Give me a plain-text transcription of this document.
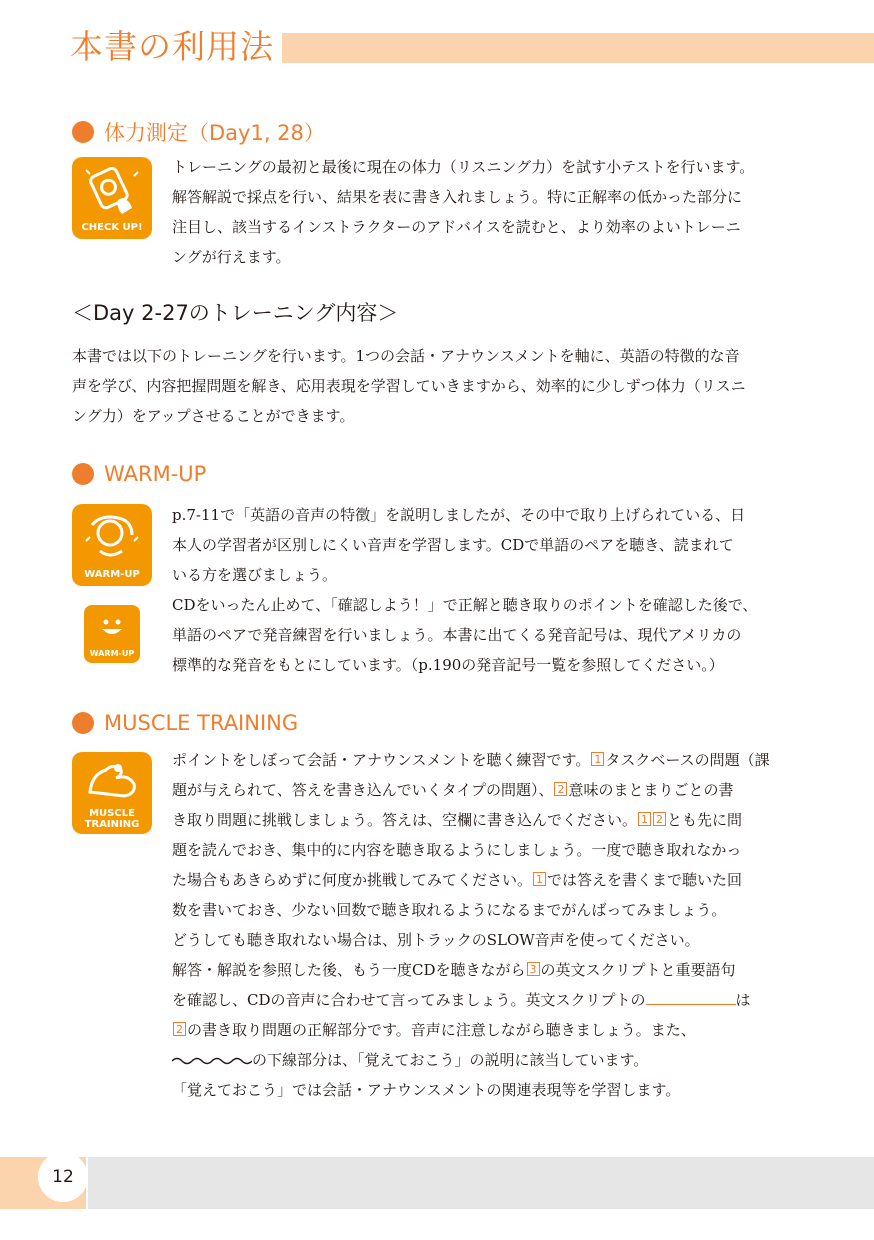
本書の利用法
体力測定（Day1, 28）
CHECK UP!

トレーニングの最初と最後に現在の体力（リスニング力）を試す小テストを行います。

解答解説で採点を行い、結果を表に書き入れましょう。特に正解率の低かった部分に

注目し、該当するインストラクターのアドバイスを読むと、より効率のよいトレーニ

ングが行えます。

＜Day 2-27のトレーニング内容＞

本書では以下のトレーニングを行います。1つの会話・アナウンスメントを軸に、英語の特徴的な音

声を学び、内容把握問題を解き、応用表現を学習していきますから、効率的に少しずつ体力（リスニ

ング力）をアップさせることができます。

WARM-UP
WARM-UP
WARM-UP

p.7-11で「英語の音声の特徴」を説明しましたが、その中で取り上げられている、日

本人の学習者が区別しにくい音声を学習します。CDで単語のペアを聴き、読まれて

いる方を選びましょう。

CDをいったん止めて、「確認しよう！」で正解と聴き取りのポイントを確認した後で、

単語のペアで発音練習を行いましょう。本書に出てくる発音記号は、現代アメリカの

標準的な発音をもとにしています。（p.190の発音記号一覧を参照してください。）

MUSCLE TRAINING
MUSCLE
TRAINING

ポイントをしぼって会話・アナウンスメントを聴く練習です。 1 タスクベースの問題（課

題が与えられて、答えを書き込んでいくタイプの問題）、 2 意味のまとまりごとの書

き取り問題に挑戦しましょう。答えは、空欄に書き込んでください。 1 2 とも先に問

題を読んでおき、集中的に内容を聴き取るようにしましょう。一度で聴き取れなかっ

た場合もあきらめずに何度か挑戦してみてください。 1 では答えを書くまで聴いた回

数を書いておき、少ない回数で聴き取れるようになるまでがんばってみましょう。

どうしても聴き取れない場合は、別トラックのSLOW音声を使ってください。

解答・解説を参照した後、もう一度CDを聴きながら 3 の英文スクリプトと重要語句

を確認し、CDの音声に合わせて言ってみましょう。英文スクリプトの	は

2 の書き取り問題の正解部分です。音声に注意しながら聴きましょう。また、

の下線部分は、「覚えておこう」の説明に該当しています。

「覚えておこう」では会話・アナウンスメントの関連表現等を学習します。

12
